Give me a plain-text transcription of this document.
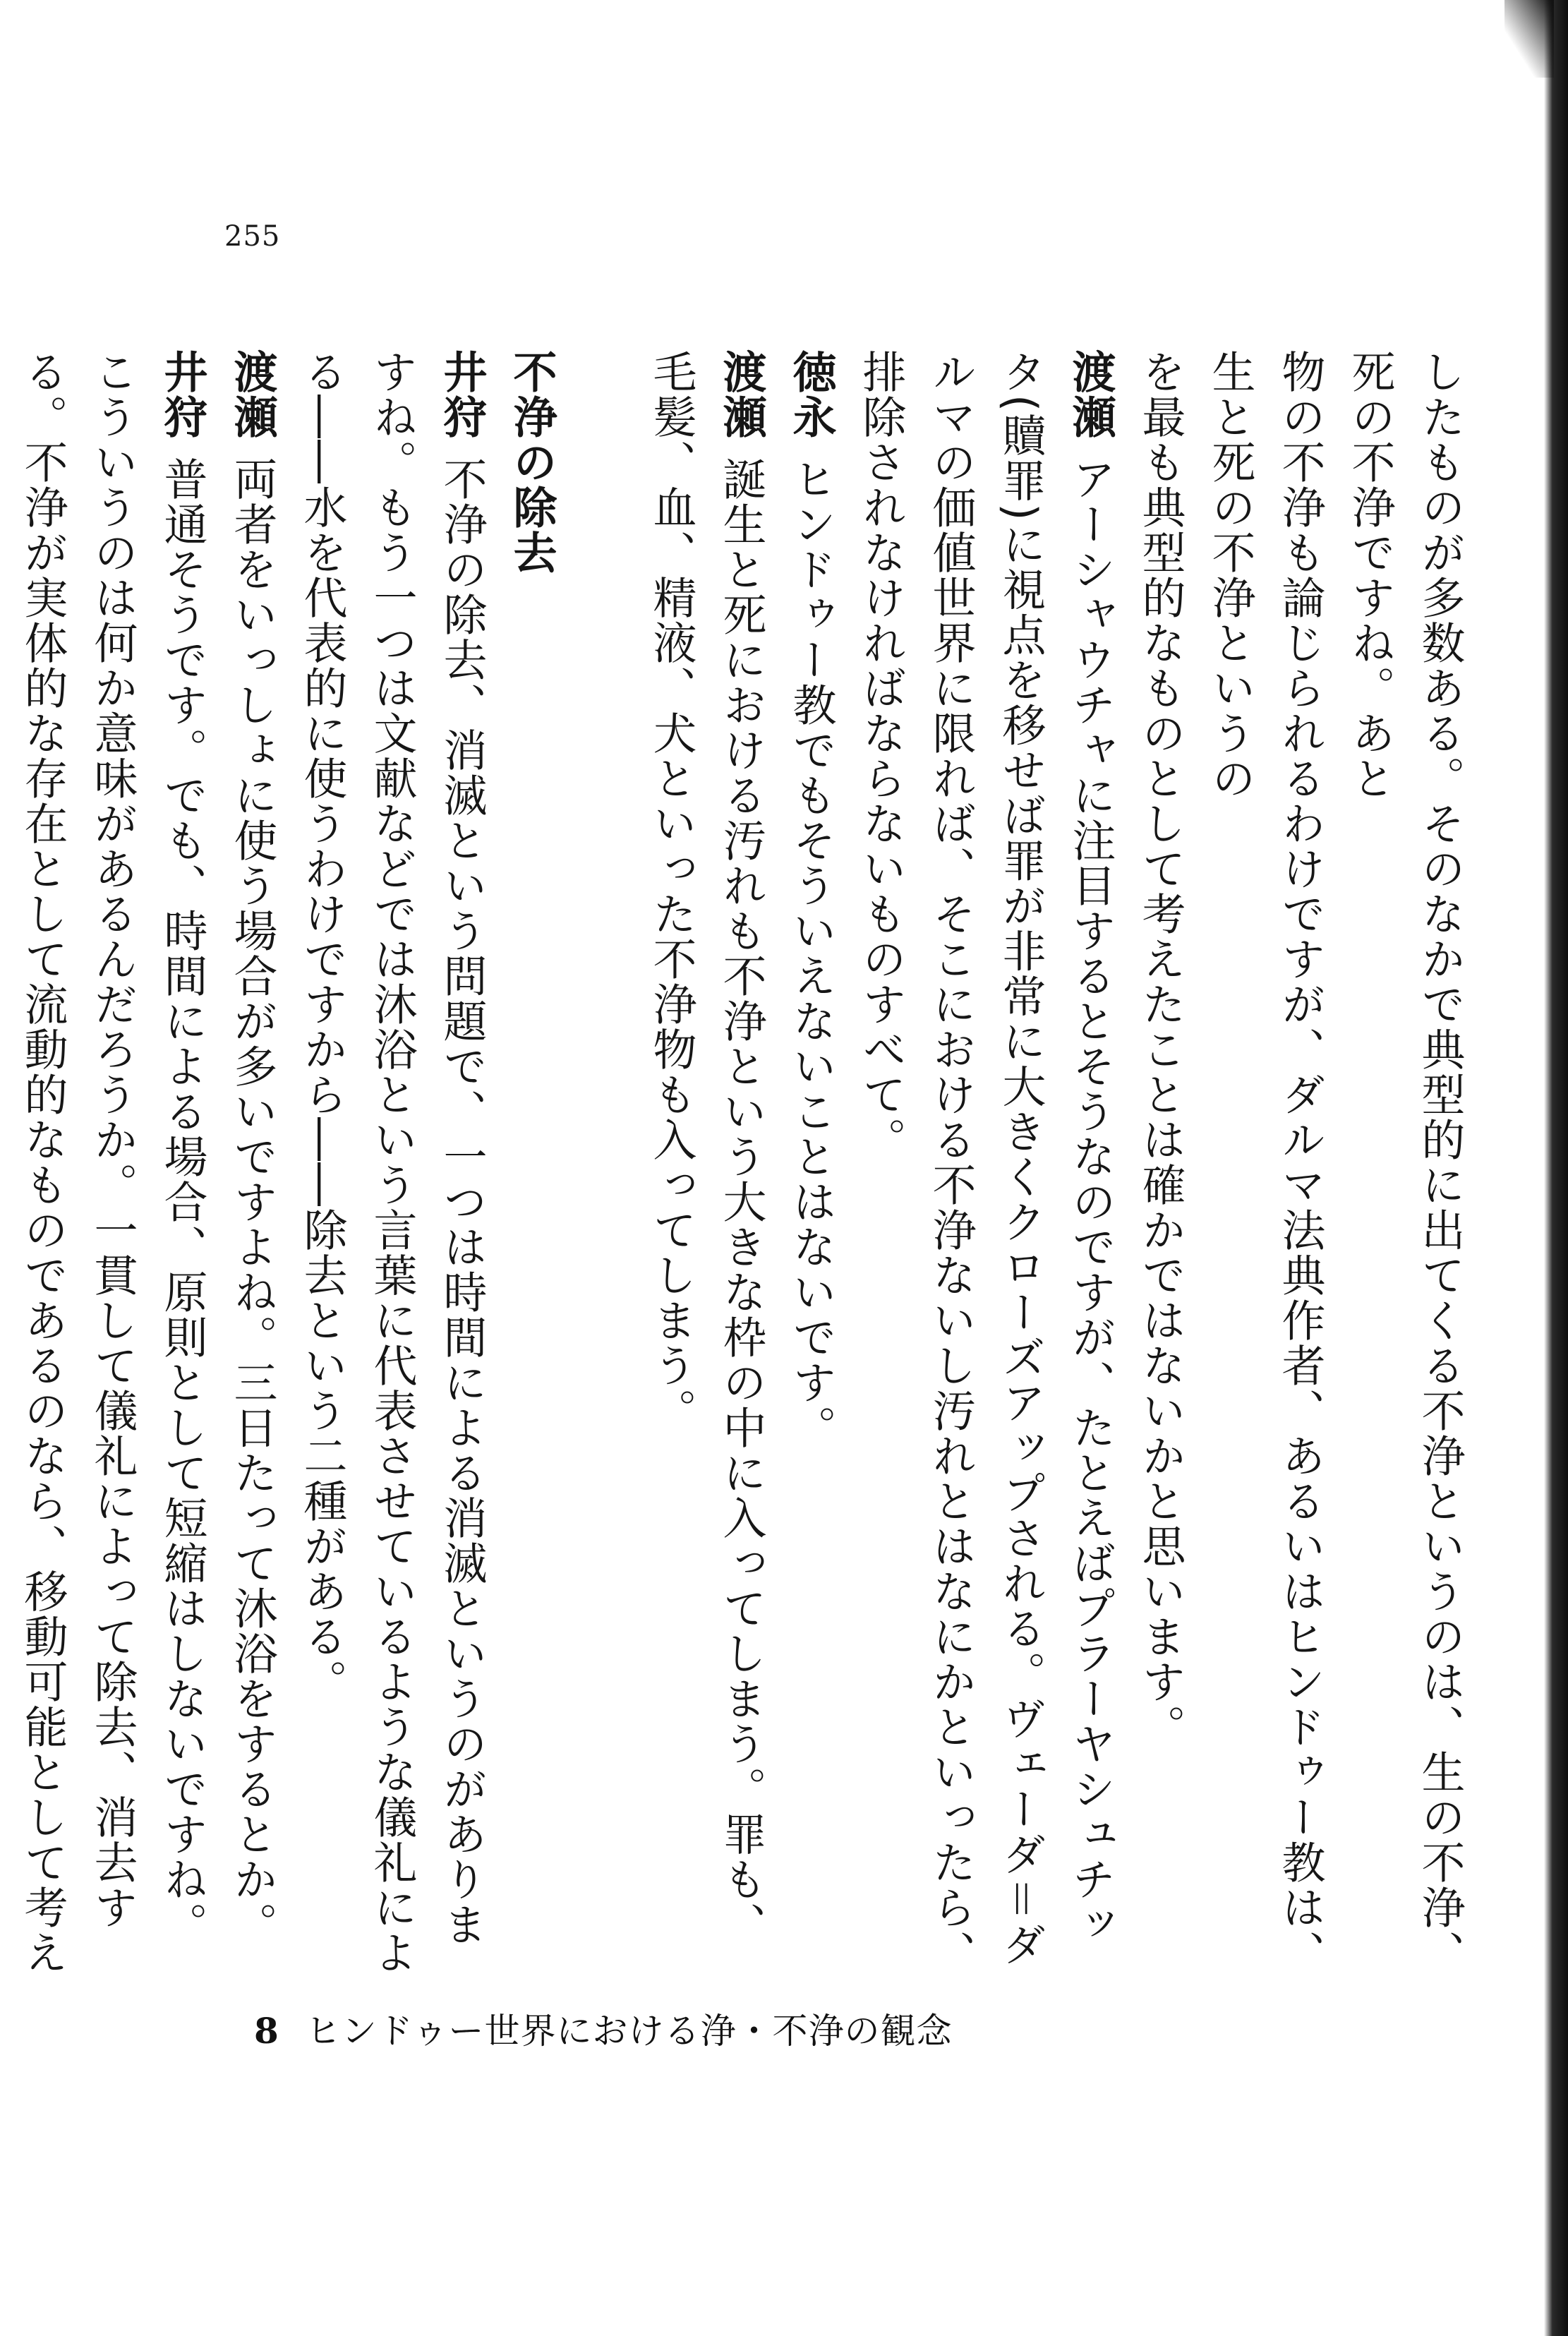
255

したものが多数ある。そのなかで典型的に出てくる不浄というのは、生の不浄、死の不浄ですね。あと

物の不浄も論じられるわけですが、ダルマ法典作者、あるいはヒンドゥー教は、生と死の不浄というの

を最も典型的なものとして考えたことは確かではないかと思います。

渡瀬アーシャウチャに注目するとそうなのですが、たとえばプラーヤシュチッタ(贖罪)に視点を移せば罪が非常に大きくクローズアップされる。ヴェーダ＝ダルマの価値世界に限れば、そこにおける不浄ないし汚れとはなにかといったら、排除されなければならないものすべて。

徳永ヒンドゥー教でもそういえないことはないです。

渡瀬誕生と死における汚れも不浄という大きな枠の中に入ってしまう。罪も、毛髪、血、精液、犬といった不浄物も入ってしまう。

不浄の除去

井狩不浄の除去、消滅という問題で、一つは時間による消滅というのがありますね。もう一つは文献などでは沐浴という言葉に代表させているような儀礼による――水を代表的に使うわけですから――除去という二種がある。

渡瀬両者をいっしょに使う場合が多いですよね。三日たって沐浴をするとか。

井狩普通そうです。でも、時間による場合、原則として短縮はしないですね。こういうのは何か意味があるんだろうか。一貫して儀礼によって除去、消去する。不浄が実体的な存在として流動的なものであるのなら、移動可能として考え

8 ヒンドゥー世界における浄・不浄の観念
